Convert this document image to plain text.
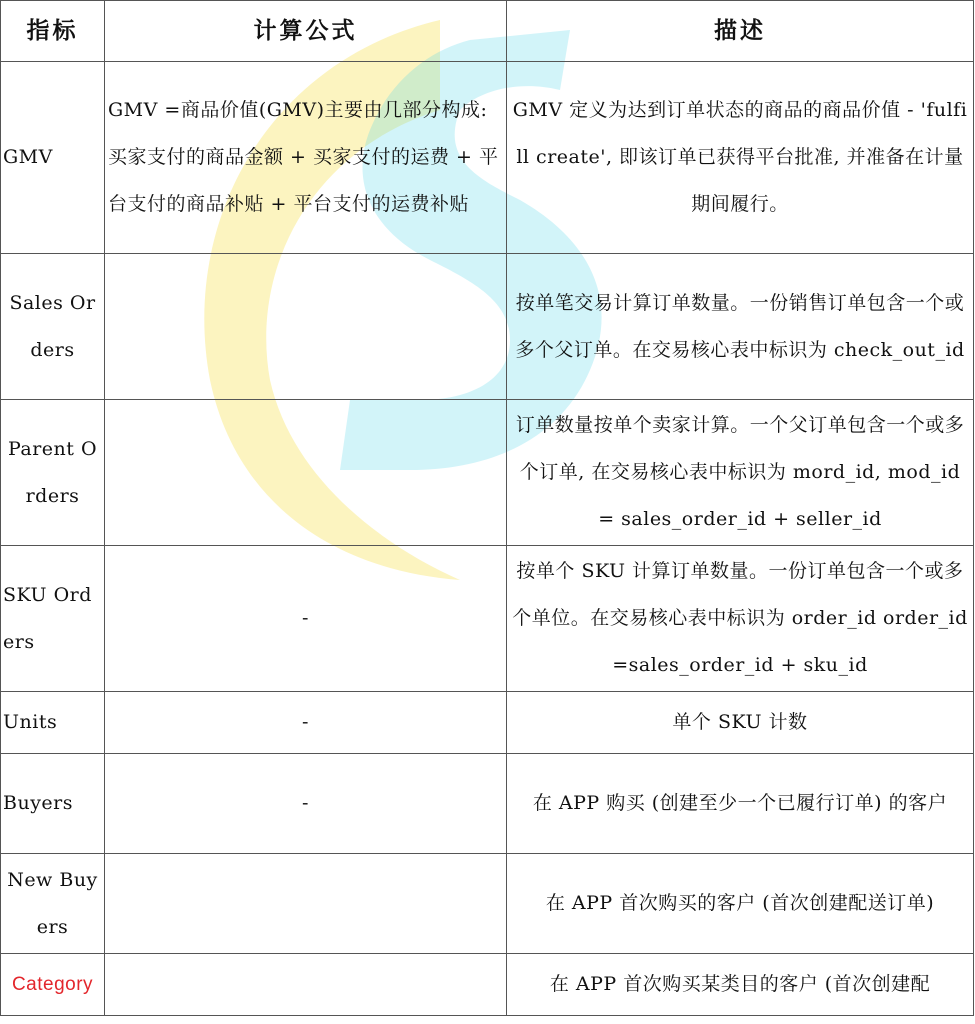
指标	计算公式	描述
GMV	GMV =商品价值(GMV)主要由几部分构成: 买家支付的商品金额 + 买家支付的运费 + 平台支付的商品补贴 + 平台支付的运费补贴	GMV 定义为达到订单状态的商品的商品价值 - 'fulfill create', 即该订单已获得平台批准, 并准备在计量期间履行。
Sales Orders		按单笔交易计算订单数量。一份销售订单包含一个或多个父订单。在交易核心表中标识为 check_out_id
Parent Orders		订单数量按单个卖家计算。一个父订单包含一个或多个订单, 在交易核心表中标识为 mord_id, mod_id = sales_order_id + seller_id
SKU Orders	-	按单个 SKU 计算订单数量。一份订单包含一个或多个单位。在交易核心表中标识为 order_id order_id=sales_order_id + sku_id
Units	-	单个 SKU 计数
Buyers	-	在 APP 购买 (创建至少一个已履行订单) 的客户
New Buyers		在 APP 首次购买的客户 (首次创建配送订单)
Category		在 APP 首次购买某类目的客户 (首次创建配
